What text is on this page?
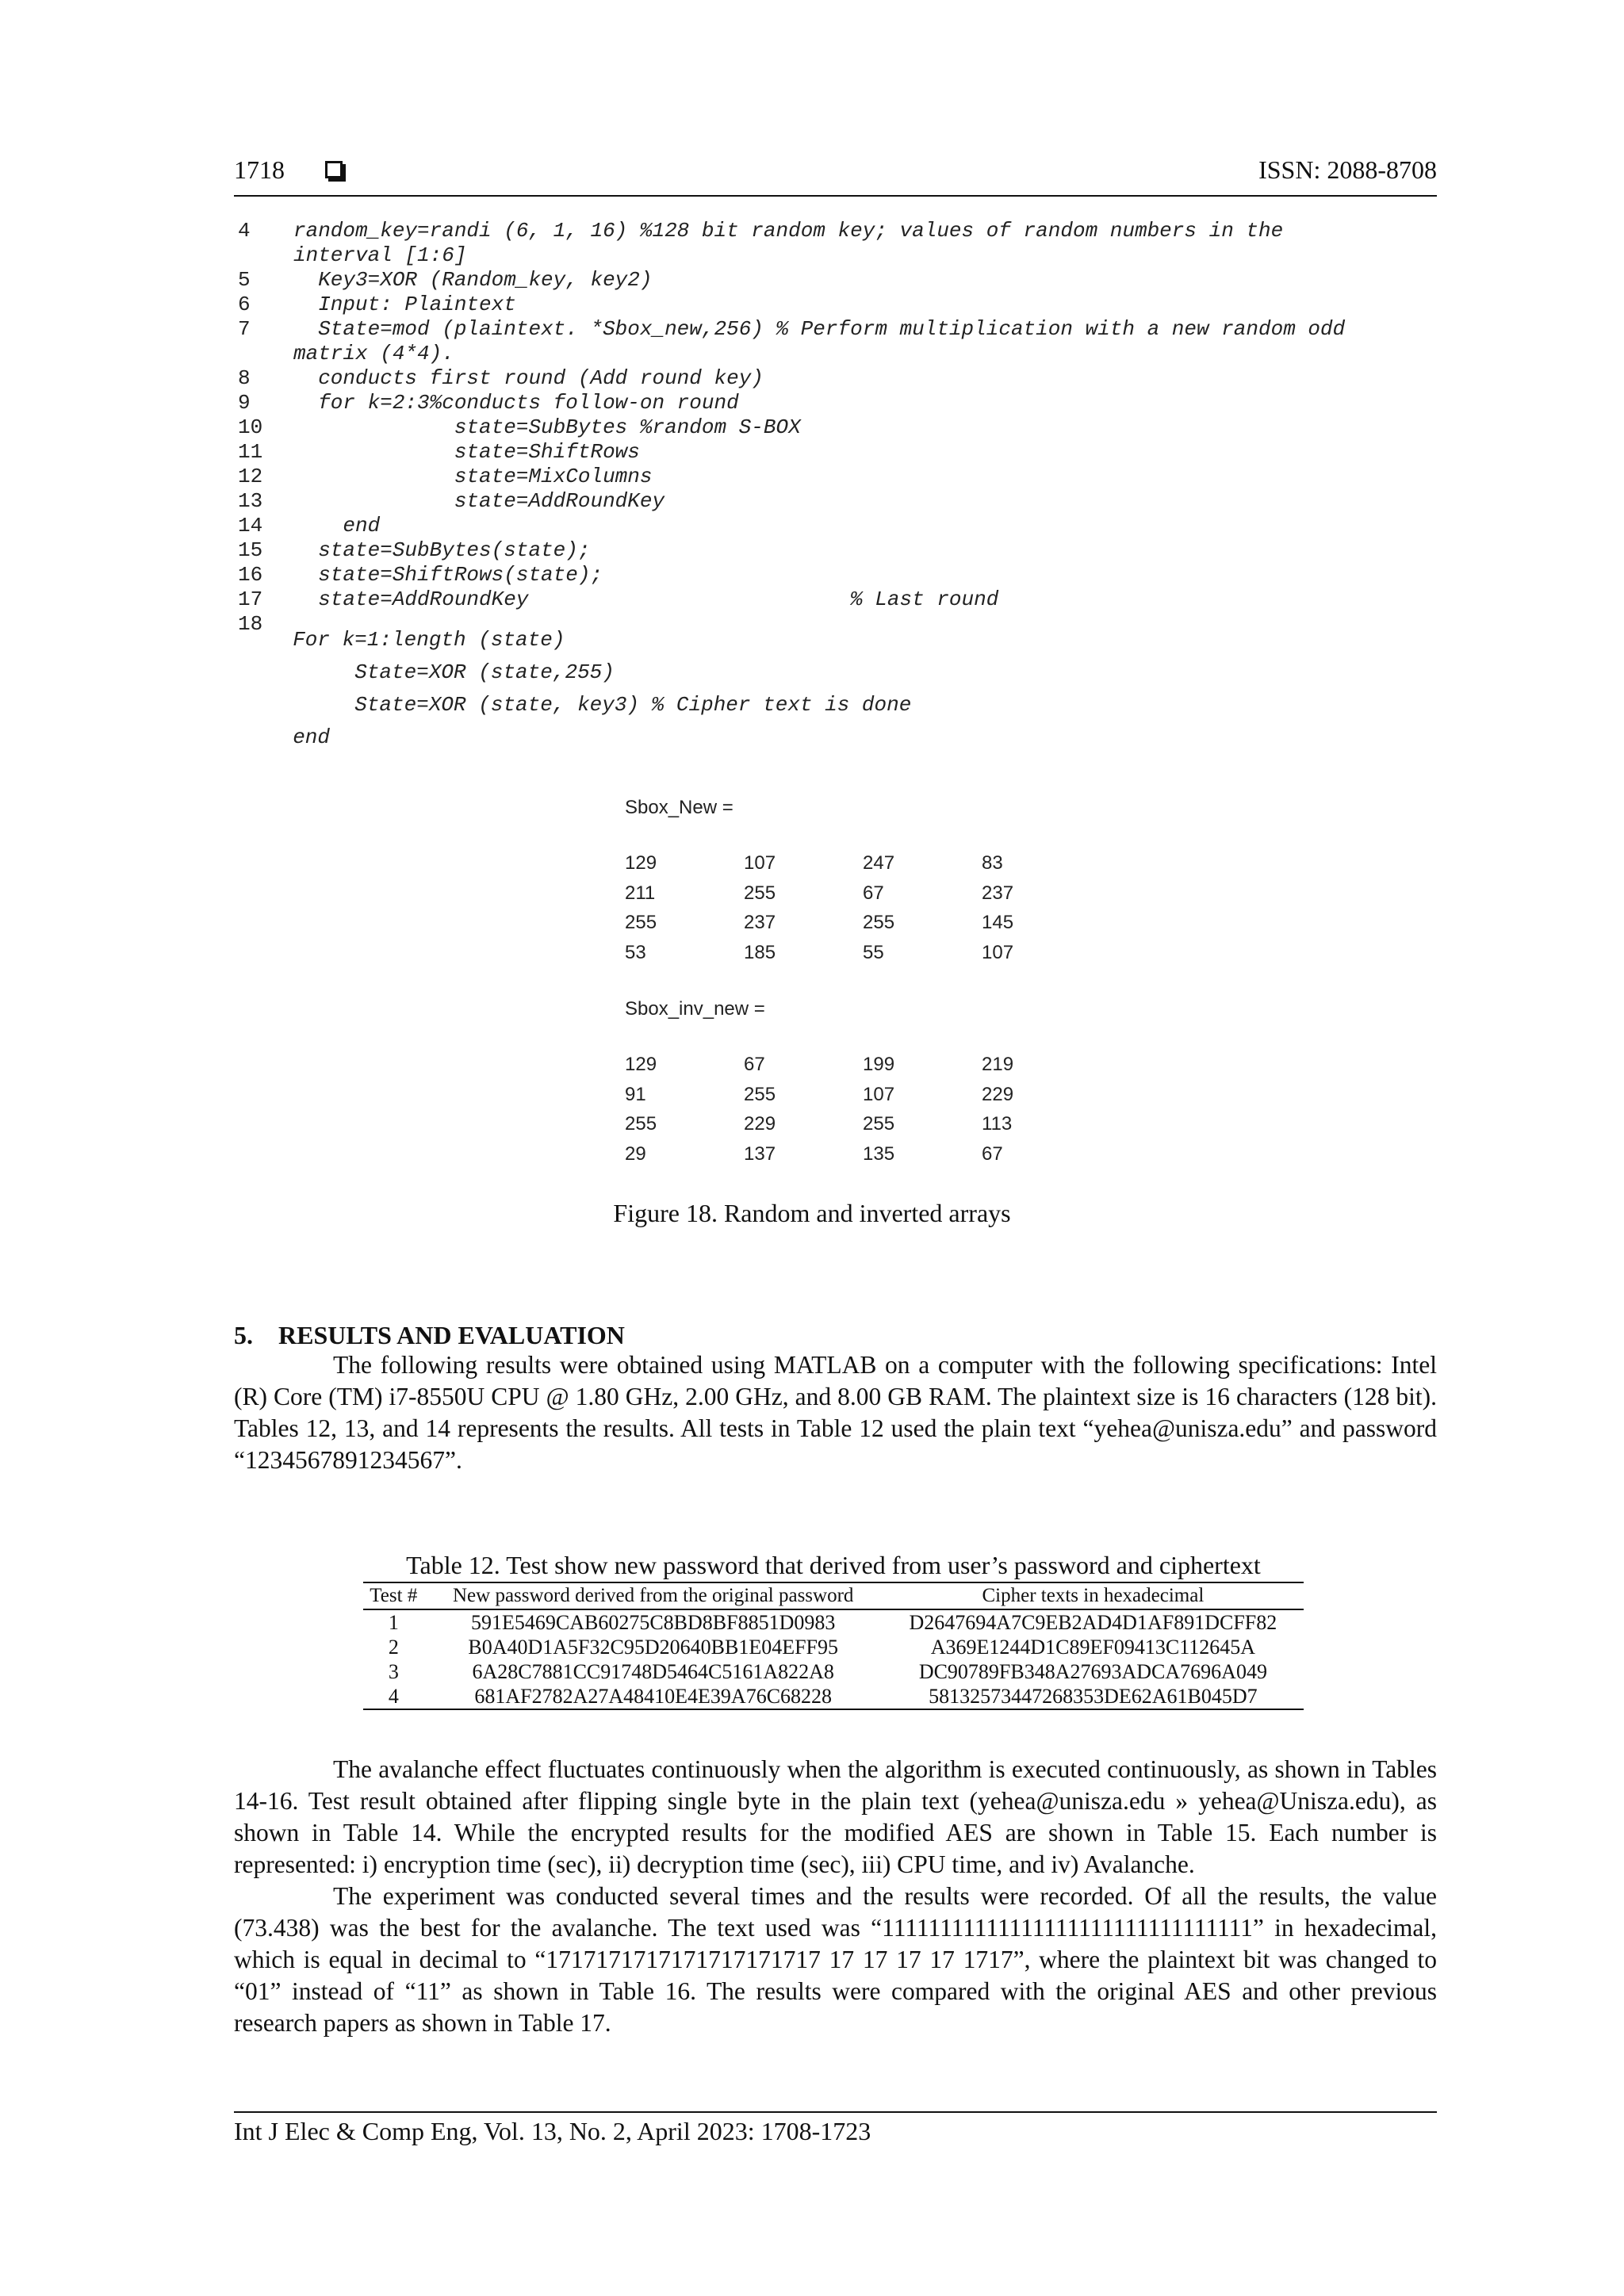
1718	ISSN: 2088-8708
4 random_key=randi (6, 1, 16) %128 bit random key; values of random numbers in the
interval [1:6]
5  Key3=XOR (Random_key, key2)
6  Input: Plaintext
7  State=mod (plaintext. *Sbox_new,256) % Perform multiplication with a new random odd
matrix (4*4).
8  conducts first round (Add round key)
9  for k=2:3%conducts follow-on round
10             state=SubBytes %random S-BOX
11             state=ShiftRows
12             state=MixColumns
13             state=AddRoundKey
14    end
15  state=SubBytes(state);
16  state=ShiftRows(state);
17  state=AddRoundKey                          % Last round
18
For k=1:length (state)
State=XOR (state,255)
State=XOR (state, key3) % Cipher text is done
end
Sbox_New =
Sbox_inv_new =
129	107	247	83
211	255	67	237
255	237	255	145
53	185	55	107
129	67	199	219
91	255	107	229
255	229	255	113
29	137	135	67
Figure 18. Random and inverted arrays
5.    RESULTS AND EVALUATION

The following results were obtained using MATLAB on a computer with the following specifications: Intel (R) Core (TM) i7-8550U CPU @ 1.80 GHz, 2.00 GHz, and 8.00 GB RAM. The plaintext size is 16 characters (128 bit). Tables 12, 13, and 14 represents the results. All tests in Table 12 used the plain text “yehea@unisza.edu” and password “1234567891234567”.

Table 12. Test show new password that derived from user’s password and ciphertext
Test #	New password derived from the original password	Cipher texts in hexadecimal
1	591E5469CAB60275C8BD8BF8851D0983	D2647694A7C9EB2AD4D1AF891DCFF82
2	B0A40D1A5F32C95D20640BB1E04EFF95	A369E1244D1C89EF09413C112645A
3	6A28C7881CC91748D5464C5161A822A8	DC90789FB348A27693ADCA7696A049
4	681AF2782A27A48410E4E39A76C68228	58132573447268353DE62A61B045D7

The avalanche effect fluctuates continuously when the algorithm is executed continuously, as shown in Tables 14-16. Test result obtained after flipping single byte in the plain text (yehea@unisza.edu » yehea@Unisza.edu), as shown in Table 14. While the encrypted results for the modified AES are shown in Table 15. Each number is represented: i) encryption time (sec), ii) decryption time (sec), iii) CPU time, and iv) Avalanche.

The experiment was conducted several times and the results were recorded. Of all the results, the value (73.438) was the best for the avalanche. The text used was “11111111111111111111111111111111” in hexadecimal, which is equal in decimal to “1717171717171717171717 17 17 17 17 1717”, where the plaintext bit was changed to “01” instead of “11” as shown in Table 16. The results were compared with the original AES and other previous research papers as shown in Table 17.

Int J Elec & Comp Eng, Vol. 13, No. 2, April 2023: 1708-1723
